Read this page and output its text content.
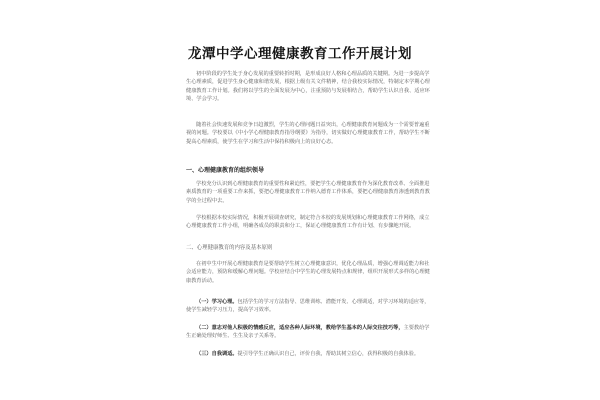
龙潭中学心理健康教育工作开展计划

初中阶段的学生处于身心发展的重要转折时期，是形成良好人格和心理品质的关键期。为进一步提高学生心理素质，促进学生身心健康和谐发展，根据上级有关文件精神，结合我校实际情况，特制定本学期心理健康教育工作计划。我们将以学生的全面发展为中心，注重预防与发展相结合，帮助学生认识自我、适应环境、学会学习。

随着社会快速发展和竞争日趋激烈，学生的心理问题日益突出，心理健康教育问题成为一个需要普遍重视的问题。学校要以《中小学心理健康教育指导纲要》为指导，切实做好心理健康教育工作，帮助学生不断提高心理素质，使学生在学习和生活中保持积极向上的良好心态。

一、心理健康教育的组织领导

学校充分认识到心理健康教育的重要性和紧迫性，要把学生心理健康教育作为深化教育改革、全面推进素质教育的一项重要工作来抓，要把心理健康教育工作纳入德育工作体系，要把心理健康教育渗透到教育教学的全过程中去。

学校根据本校实际情况，积极开展调查研究，制定符合本校的发展规划和心理健康教育工作网络，成立心理健康教育工作小组，明确各成员的职责和分工，保证心理健康教育工作有计划、有步骤地开展。

二、心理健康教育的内容及基本原则

在初中生中开展心理健康教育是要帮助学生树立心理健康意识，优化心理品质，增强心理调适能力和社会适应能力，预防和缓解心理问题。学校应结合中学生的心理发展特点和规律，组织开展形式多样的心理健康教育活动。

（一）学习心理。包括学生的学习方法指导、思维训练、潜能开发、心理调适，对学习环境的适应等，使学生减轻学习压力，提高学习效率。

（二）意志对他人积极的情感反应，适应各种人际环境，教给学生基本的人际交往技巧等，主要教给学生正确处理好师生、生生及亲子关系等。

（三）自我调适。提引导学生正确认识自己，评价自我，帮助其树立信心，获得积极的自我体验。
